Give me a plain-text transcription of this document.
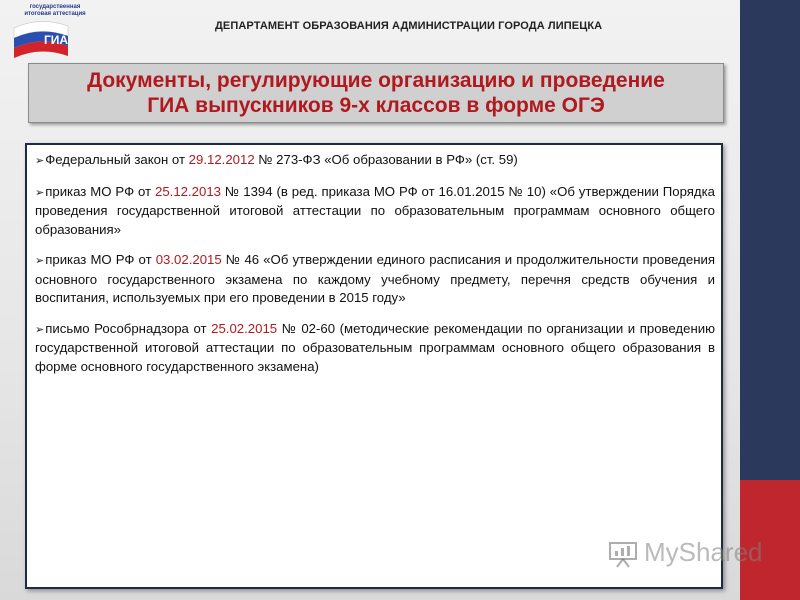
государственная
итоговая аттестация
ГИА
ДЕПАРТАМЕНТ ОБРАЗОВАНИЯ АДМИНИСТРАЦИИ ГОРОДА ЛИПЕЦКА
Документы, регулирующие организацию и проведение
ГИА выпускников 9-х классов в форме ОГЭ
➢Федеральный закон от 29.12.2012 № 273-ФЗ «Об образовании в РФ» (ст. 59)
➢приказ МО РФ от 25.12.2013 № 1394 (в ред. приказа МО РФ от 16.01.2015 № 10) «Об утверждении Порядка проведения государственной итоговой аттестации по образовательным программам основного общего образования»
➢приказ МО РФ от 03.02.2015 № 46 «Об утверждении единого расписания и продолжительности проведения основного государственного экзамена по каждому учебному предмету, перечня средств обучения и воспитания, используемых при его проведении в 2015 году»
➢письмо Рособрнадзора от 25.02.2015 № 02-60 (методические рекомендации по организации и проведению государственной итоговой аттестации по образовательным программам основного общего образования в форме основного государственного экзамена)
MyShared
